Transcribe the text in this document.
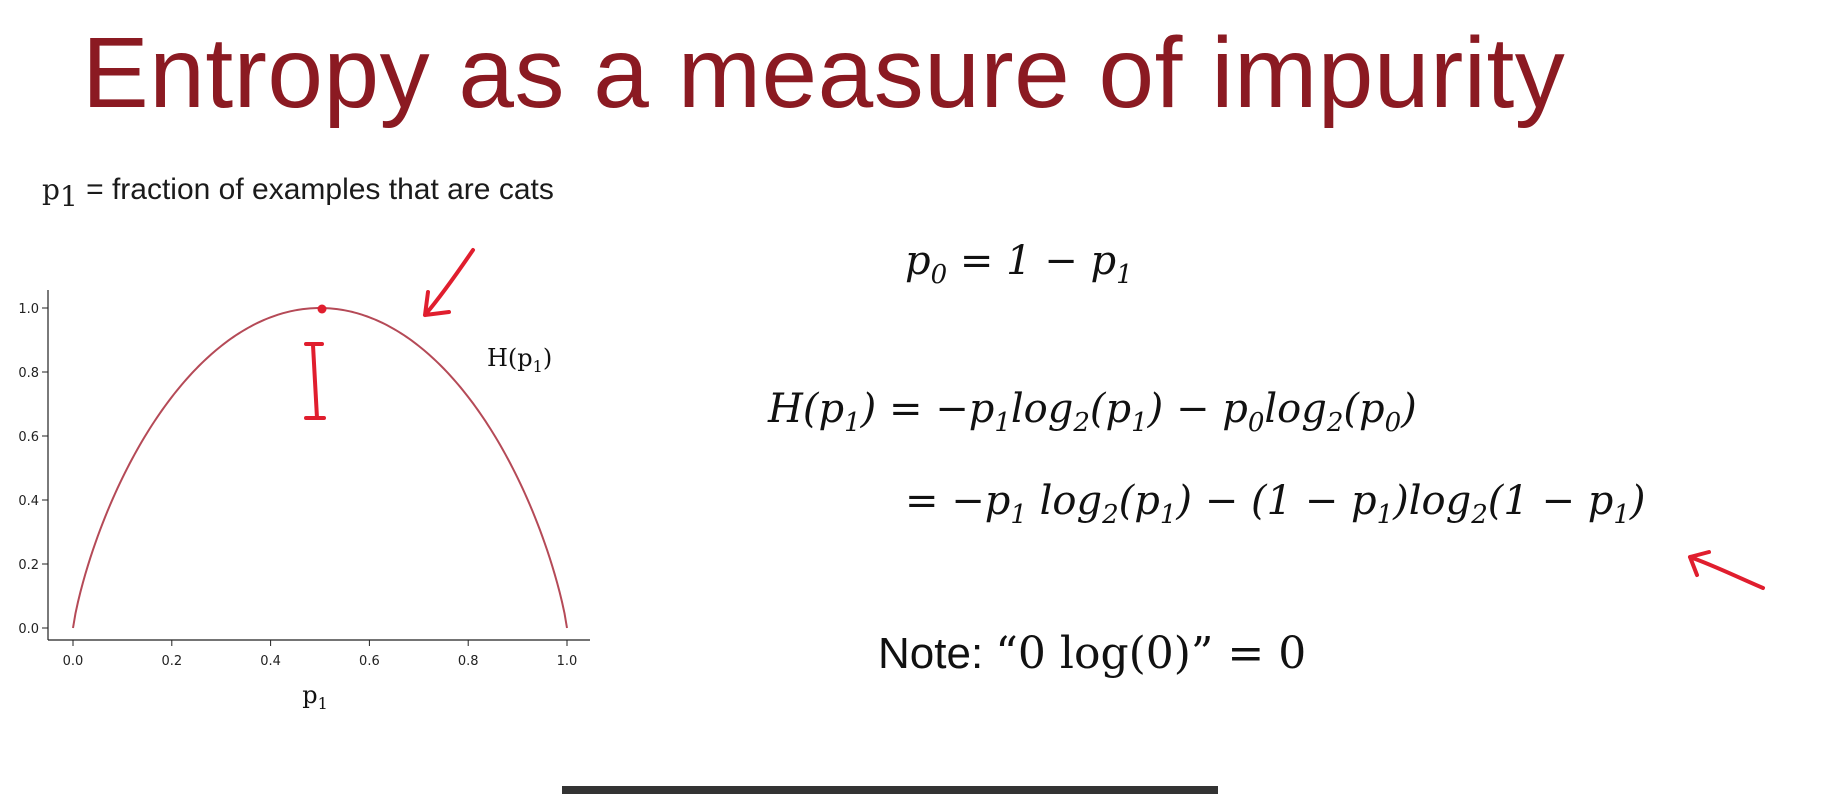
Entropy as a measure of impurity
$p_1$ = fraction of examples that are cats
0.0	0.2	0.4	0.6	0.8	1.0
0.0
0.2
0.4
0.6
0.8
1.0
$H(p_1)$
$p_1$
$p_0 = 1 - p_1$
$H(p_1) = -p_1\log_2(p_1) - p_0\log_2(p_0)$
= $-p_1$ $\log_2(p_1) - (1 - p_1)\log_2(1 - p_1)$
Note: “0 log(0)” = 0
